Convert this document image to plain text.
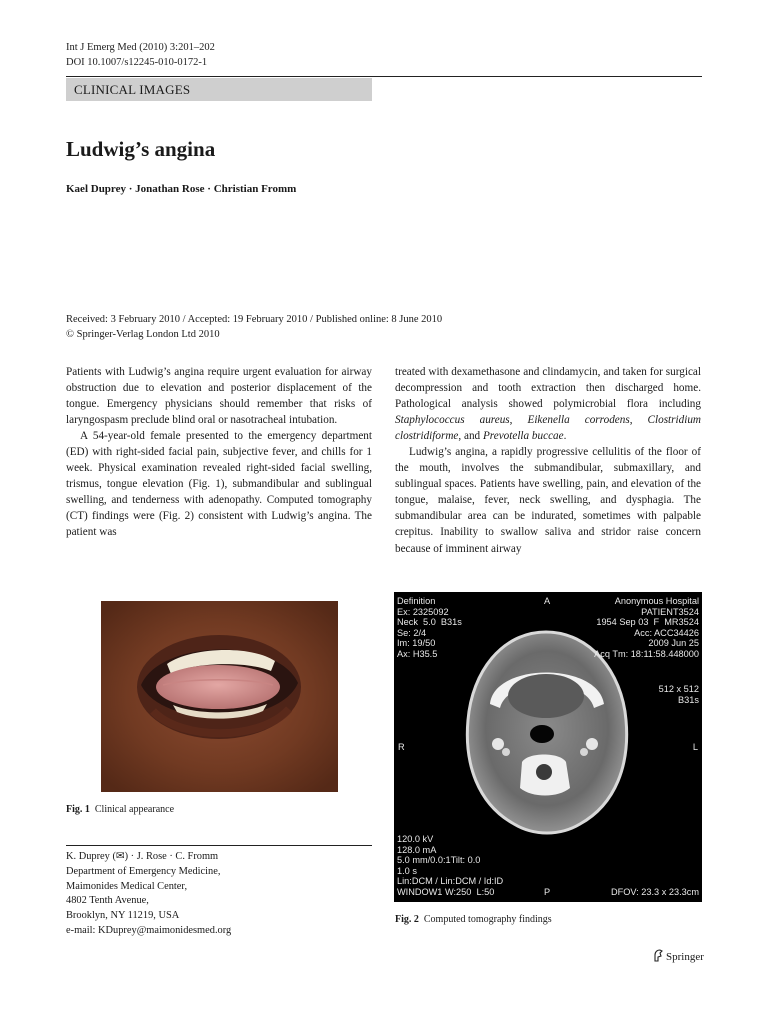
Int J Emerg Med (2010) 3:201–202
DOI 10.1007/s12245-010-0172-1
CLINICAL IMAGES
Ludwig’s angina
Kael Duprey · Jonathan Rose · Christian Fromm
Received: 3 February 2010 / Accepted: 19 February 2010 / Published online: 8 June 2010
© Springer-Verlag London Ltd 2010

Patients with Ludwig’s angina require urgent evaluation for airway obstruction due to elevation and posterior displacement of the tongue. Emergency physicians should remember that risks of laryngospasm preclude blind oral or nasotracheal intubation.

A 54-year-old female presented to the emergency department (ED) with right-sided facial pain, subjective fever, and chills for 1 week. Physical examination revealed right-sided facial swelling, trismus, tongue elevation (Fig. 1), submandibular and sublingual swelling, and tenderness with adenopathy. Computed tomography (CT) findings were (Fig. 2) consistent with Ludwig’s angina. The patient was

treated with dexamethasone and clindamycin, and taken for surgical decompression and tooth extraction then discharged home. Pathological analysis showed polymicrobial flora including Staphylococcus aureus, Eikenella corrodens, Clostridium clostridiforme, and Prevotella buccae.

Ludwig’s angina, a rapidly progressive cellulitis of the floor of the mouth, involves the submandibular, submaxillary, and sublingual spaces. Patients have swelling, pain, and elevation of the tongue, malaise, fever, neck swelling, and dysphagia. The submandibular area can be indurated, sometimes with palpable crepitus. Inability to swallow saliva and stridor raise concern because of imminent airway

Fig. 1 Clinical appearance
Definition
Ex: 2325092
Neck  5.0  B31s
Se: 2/4
Im: 19/50
Ax: H35.5
A	Anonymous Hospital
PATIENT3524
1954 Sep 03  F  MR3524
Acc: ACC34426
2009 Jun 25
Acq Tm: 18:11:58.448000
512 x 512
B31s
R	L
120.0 kV
128.0 mA
5.0 mm/0.0:1Tilt: 0.0
1.0 s
Lin:DCM / Lin:DCM / Id:ID
WINDOW1 W:250  L:50	P	DFOV: 23.3 x 23.3cm
Fig. 2 Computed tomography findings
K. Duprey (✉) · J. Rose · C. Fromm
Department of Emergency Medicine,
Maimonides Medical Center,
4802 Tenth Avenue,
Brooklyn, NY 11219, USA
e-mail: KDuprey@maimonidesmed.org
Springer
